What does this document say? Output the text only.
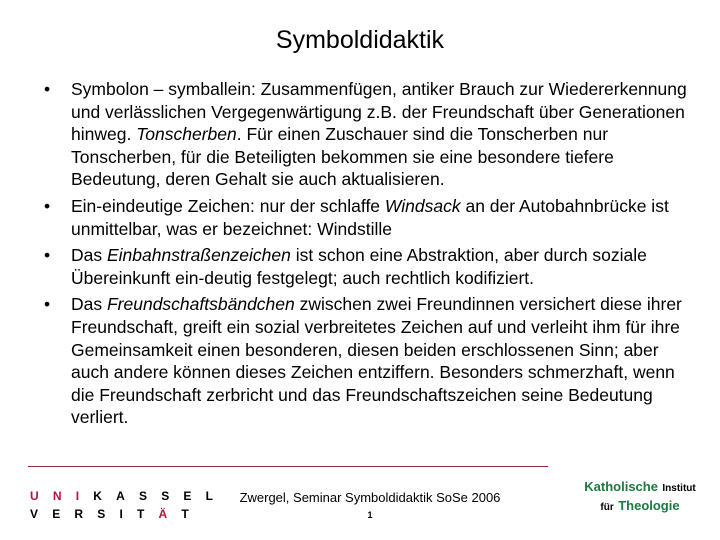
Symboldidaktik
• Symbolon – symballein: Zusammenfügen, antiker Brauch zur Wiedererkennung und verlässlichen Vergegenwärtigung z.B. der Freundschaft über Generationen hinweg. Tonscherben. Für einen Zuschauer sind die Tonscherben nur Tonscherben, für die Beteiligten bekommen sie eine besondere tiefere Bedeutung, deren Gehalt sie auch aktualisieren.
• Ein-eindeutige Zeichen: nur der schlaffe Windsack an der Autobahnbrücke ist unmittelbar, was er bezeichnet: Windstille
• Das Einbahnstraßenzeichen ist schon eine Abstraktion, aber durch soziale Übereinkunft ein-deutig festgelegt; auch rechtlich kodifiziert.
• Das Freundschaftsbändchen zwischen zwei Freundinnen versichert diese ihrer Freundschaft, greift ein sozial verbreitetes Zeichen auf und verleiht ihm für ihre Gemeinsamkeit einen besonderen, diesen beiden erschlossenen Sinn; aber auch andere können dieses Zeichen entziffern. Besonders schmerzhaft, wenn die Freundschaft zerbricht und das Freundschaftszeichen seine Bedeutung verliert.
UNIKASSEL
VERSITÄT
Zwergel, Seminar Symboldidaktik SoSe 2006
1
Katholische Institut
für Theologie
